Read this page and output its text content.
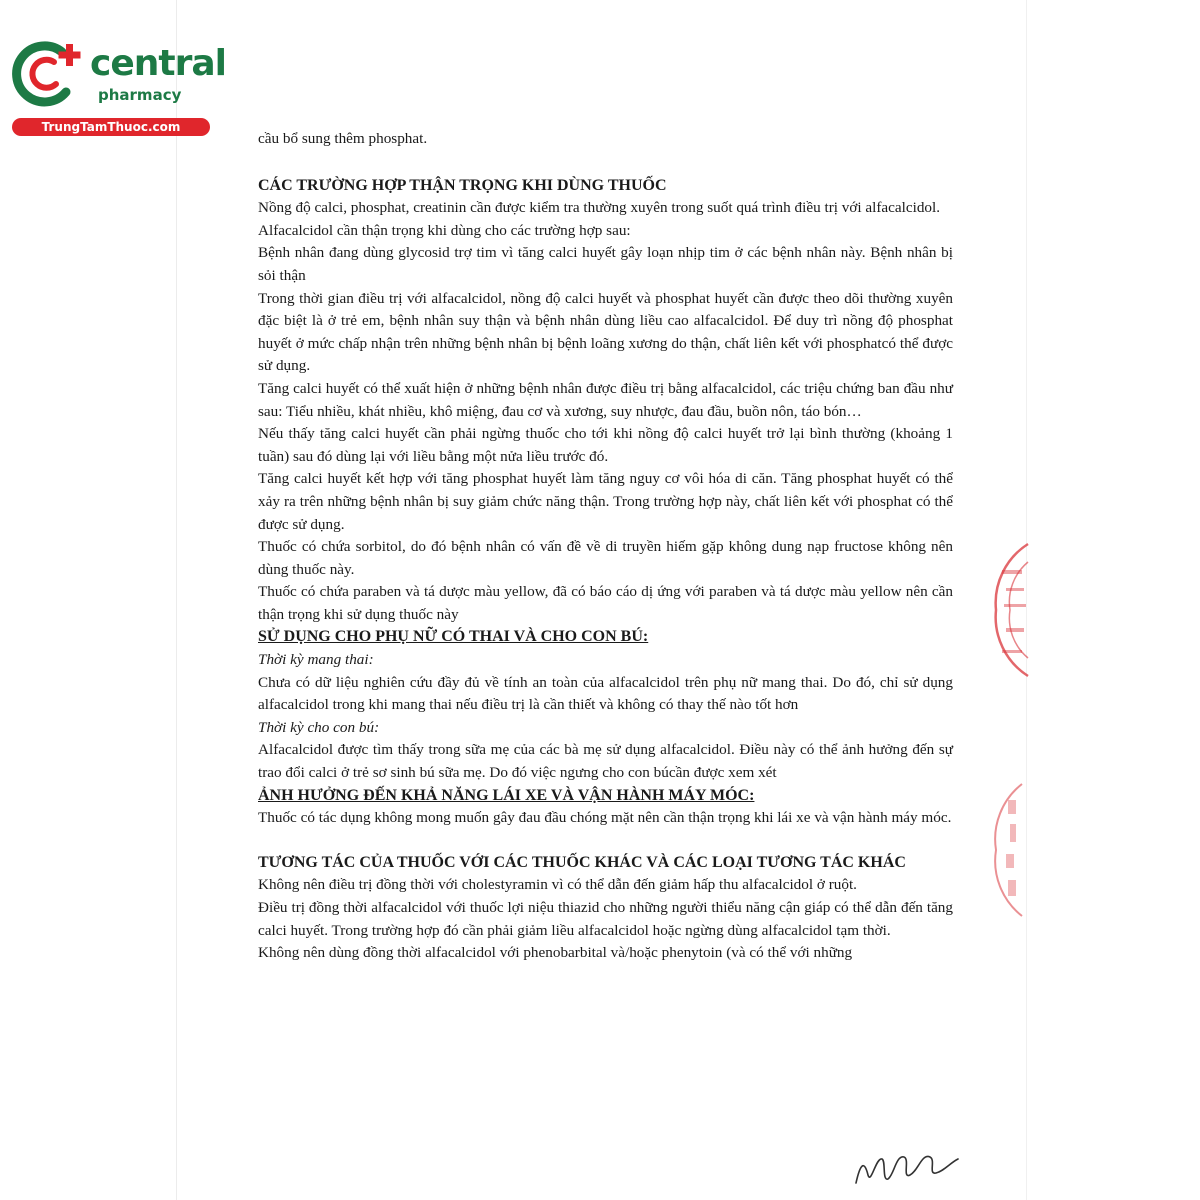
central
pharmacy
TrungTamThuoc.com

cầu bổ sung thêm phosphat.

CÁC TRƯỜNG HỢP THẬN TRỌNG KHI DÙNG THUỐC

Nồng độ calci, phosphat, creatinin cần được kiểm tra thường xuyên trong suốt quá trình điều trị với alfacalcidol.

Alfacalcidol cần thận trọng khi dùng cho các trường hợp sau:

Bệnh nhân đang dùng glycosid trợ tim vì tăng calci huyết gây loạn nhịp tim ở các bệnh nhân này. Bệnh nhân bị sỏi thận

Trong thời gian điều trị với alfacalcidol, nồng độ calci huyết và phosphat huyết cần được theo dõi thường xuyên đặc biệt là ở trẻ em, bệnh nhân suy thận và bệnh nhân dùng liều cao alfacalcidol. Để duy trì nồng độ phosphat huyết ở mức chấp nhận trên những bệnh nhân bị bệnh loãng xương do thận, chất liên kết với phosphatcó thể được sử dụng.

Tăng calci huyết có thể xuất hiện ở những bệnh nhân được điều trị bằng alfacalcidol, các triệu chứng ban đầu như sau: Tiểu nhiều, khát nhiều, khô miệng, đau cơ và xương, suy nhược, đau đầu, buồn nôn, táo bón…

Nếu thấy tăng calci huyết cần phải ngừng thuốc cho tới khi nồng độ calci huyết trở lại bình thường (khoảng 1 tuần) sau đó dùng lại với liều bằng một nửa liều trước đó.

Tăng calci huyết kết hợp với tăng phosphat huyết làm tăng nguy cơ vôi hóa di căn. Tăng phosphat huyết có thể xảy ra trên những bệnh nhân bị suy giảm chức năng thận. Trong trường hợp này, chất liên kết với phosphat có thể được sử dụng.

Thuốc có chứa sorbitol, do đó bệnh nhân có vấn đề về di truyền hiếm gặp không dung nạp fructose không nên dùng thuốc này.

Thuốc có chứa paraben và tá dược màu yellow, đã có báo cáo dị ứng với paraben và tá dược màu yellow nên cần thận trọng khi sử dụng thuốc này

SỬ DỤNG CHO PHỤ NỮ CÓ THAI VÀ CHO CON BÚ:

Thời kỳ mang thai:

Chưa có dữ liệu nghiên cứu đầy đủ về tính an toàn của alfacalcidol trên phụ nữ mang thai. Do đó, chỉ sử dụng alfacalcidol trong khi mang thai nếu điều trị là cần thiết và không có thay thế nào tốt hơn

Thời kỳ cho con bú:

Alfacalcidol được tìm thấy trong sữa mẹ của các bà mẹ sử dụng alfacalcidol. Điều này có thể ảnh hưởng đến sự trao đổi calci ở trẻ sơ sinh bú sữa mẹ. Do đó việc ngưng cho con búcần được xem xét

ẢNH HƯỞNG ĐẾN KHẢ NĂNG LÁI XE VÀ VẬN HÀNH MÁY MÓC:

Thuốc có tác dụng không mong muốn gây đau đầu chóng mặt nên cần thận trọng khi lái xe và vận hành máy móc.

TƯƠNG TÁC CỦA THUỐC VỚI CÁC THUỐC KHÁC VÀ CÁC LOẠI TƯƠNG TÁC KHÁC

Không nên điều trị đồng thời với cholestyramin vì có thể dẫn đến giảm hấp thu alfacalcidol ở ruột.

Điều trị đồng thời alfacalcidol với thuốc lợi niệu thiazid cho những người thiểu năng cận giáp có thể dẫn đến tăng calci huyết. Trong trường hợp đó cần phải giảm liều alfacalcidol hoặc ngừng dùng alfacalcidol tạm thời.

Không nên dùng đồng thời alfacalcidol với phenobarbital và/hoặc phenytoin (và có thể với những
